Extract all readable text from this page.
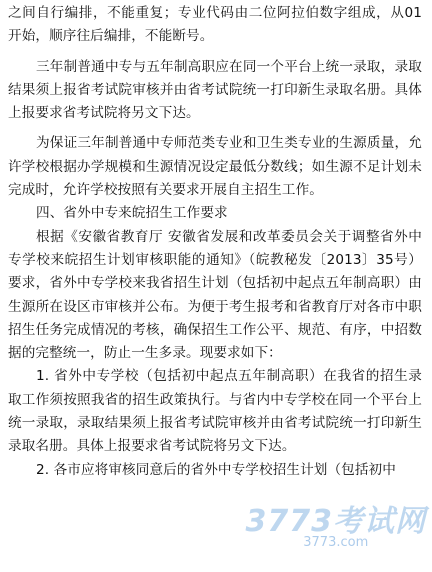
之间自行编排，不能重复；专业代码由二位阿拉伯数字组成，从01开始，顺序往后编排，不能断号。

三年制普通中专与五年制高职应在同一个平台上统一录取，录取结果须上报省考试院审核并由省考试院统一打印新生录取名册。具体上报要求省考试院将另文下达。

为保证三年制普通中专师范类专业和卫生类专业的生源质量，允许学校根据办学规模和生源情况设定最低分数线；如生源不足计划未完成时，允许学校按照有关要求开展自主招生工作。

四、省外中专来皖招生工作要求

根据《安徽省教育厅 安徽省发展和改革委员会关于调整省外中专学校来皖招生计划审核职能的通知》（皖教秘发〔2013〕35号）要求，省外中专学校来我省招生计划（包括初中起点五年制高职）由生源所在设区市审核并公布。为便于考生报考和省教育厅对各市中职招生任务完成情况的考核，确保招生工作公平、规范、有序，中招数据的完整统一，防止一生多录。现要求如下：

1. 省外中专学校（包括初中起点五年制高职）在我省的招生录取工作须按照我省的招生政策执行。与省内中专学校在同一个平台上统一录取，录取结果须上报省考试院审核并由省考试院统一打印新生录取名册。具体上报要求省考试院将另文下达。

2. 各市应将审核同意后的省外中专学校招生计划（包括初中

3773考试网
3773.com
